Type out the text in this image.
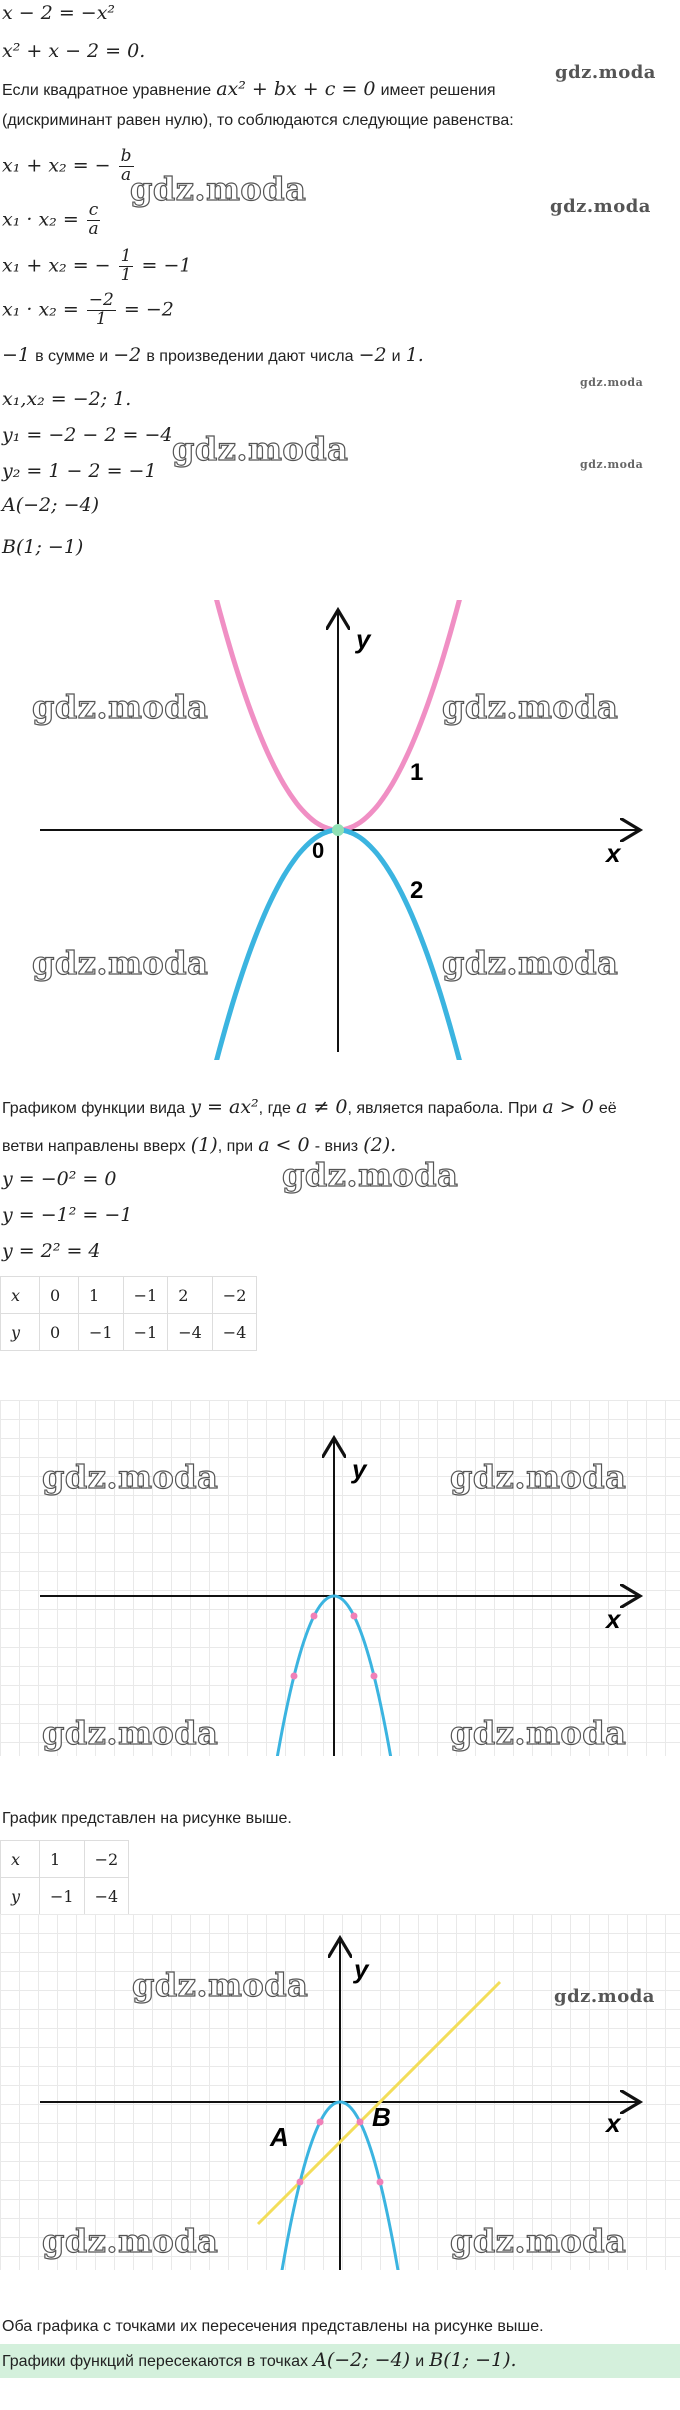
x − 2 = −x²
x² + x − 2 = 0.
Если квадратное уравнение ax² + bx + c = 0 имеет решения
(дискриминант равен нулю), то соблюдаются следующие равенства:
x₁ + x₂ = − $\frac{b}{a}$
$x_1 \cdot x_2 = \frac{c}{a}$
x₁ + x₂ = − $\frac{1}{1} = -1$
$x_1 \cdot x_2 = \frac{-2}{1} = -2$
−1 в сумме и −2 в произведении дают числа −2 и 1.
x₁,x₂ = −2; 1.
y₁ = −2 − 2 = −4
y₂ = 1 − 2 = −1
A(−2; −4)
B(1; −1)
gdz.moda
gdz.moda	gdz.moda
gdz.moda
gdz.moda	gdz.moda
y
x
0
1
2
gdz.moda	gdz.moda
gdz.moda	gdz.moda
Графиком функции вида y = ax², где a ≠ 0, является парабола. При a > 0 её
ветви направлены вверх (1), при a < 0 - вниз (2).
y = −0² = 0
y = −1² = −1
y = 2² = 4
gdz.moda
x	0	1	−1	2	−2
y	0	−1	−1	−4	−4
y
x
gdz.moda	gdz.moda
gdz.moda	gdz.moda
График представлен на рисунке выше.
x	1	−2
y	−1	−4
y
x
A
B
gdz.moda	gdz.moda
gdz.moda	gdz.moda
Оба графика с точками их пересечения представлены на рисунке выше.
Графики функций пересекаются в точках A(−2; −4) и B(1; −1).
